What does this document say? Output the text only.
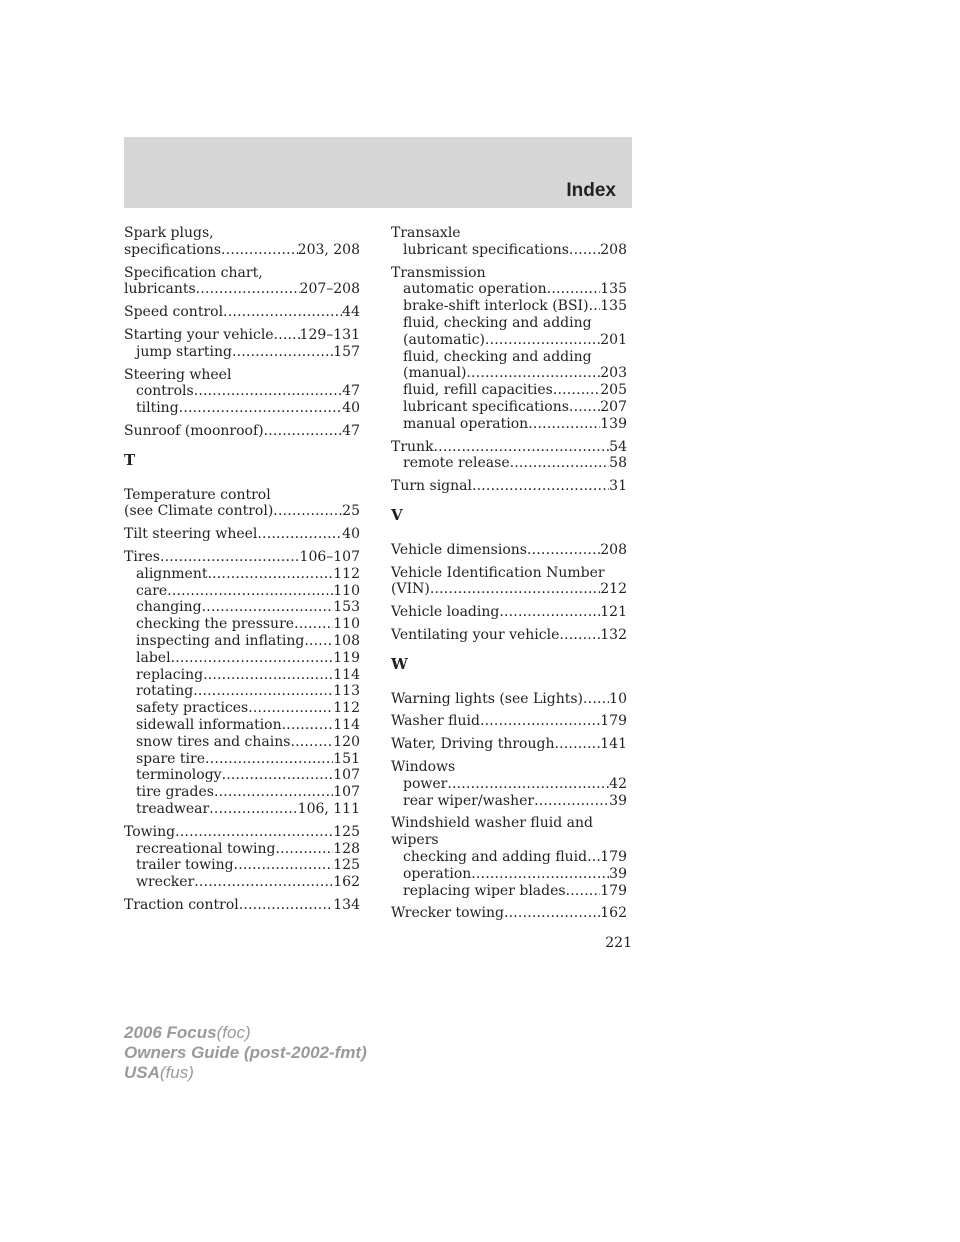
Index
Spark plugs,
specifications .....	203, 208
Specification chart,
lubricants .....	207–208
Speed control .....	44
Starting your vehicle ..... 129–131
jump starting .....	157
Steering wheel
controls .....	47
tilting .....	40
Sunroof (moonroof) .....	47
T
Temperature control
(see Climate control) .....	25
Tilt steering wheel .....	40
Tires .....	106–107
alignment .....	112
care .....	110
changing .....	153
checking the pressure .....	110
inspecting and inflating ..... 108
label .....	119
replacing .....	114
rotating .....	113
safety practices .....	112
sidewall information .....	114
snow tires and chains .....	120
spare tire .....	151
terminology .....	107
tire grades .....	107
treadwear .....	106, 111
Towing .....	125
recreational towing .....	128
trailer towing .....	125
wrecker .....	162
Traction control .....	134
Transaxle
lubricant specifications ..... 208
Transmission
automatic operation .....	135
brake-shift interlock (BSI) ..... 135
fluid, checking and adding
(automatic) .....	201
fluid, checking and adding
(manual) .....	203
fluid, refill capacities .....	205
lubricant specifications ..... 207
manual operation .....	139
Trunk .....	54
remote release .....	58
Turn signal .....	31
V
Vehicle dimensions .....	208
Vehicle Identification Number
(VIN) .....	212
Vehicle loading .....	121
Ventilating your vehicle .....	132
W
Warning lights (see Lights) ..... 10
Washer fluid .....	179
Water, Driving through .....	141
Windows
power .....	42
rear wiper/washer .....	39
Windshield washer fluid and
wipers
checking and adding fluid ..... 179
operation .....	39
replacing wiper blades ..... 179
Wrecker towing .....	162
221
2006 Focus(foc)
Owners Guide (post-2002-fmt)
USA(fus)
